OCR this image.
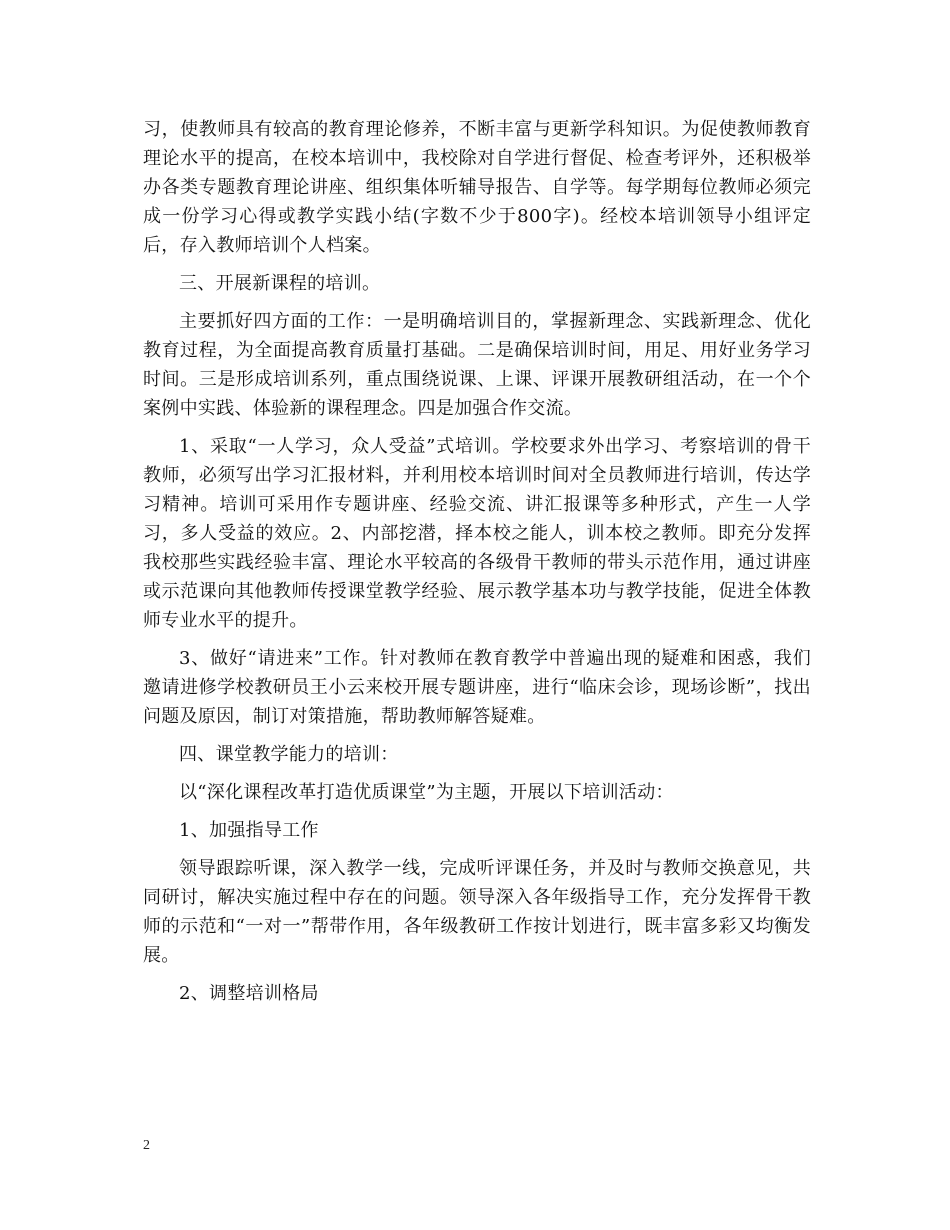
习，使教师具有较高的教育理论修养，不断丰富与更新学科知识。为促使教师教育理论水平的提高，在校本培训中，我校除对自学进行督促、检查考评外，还积极举办各类专题教育理论讲座、组织集体听辅导报告、自学等。每学期每位教师必须完成一份学习心得或教学实践小结(字数不少于800字)。经校本培训领导小组评定后，存入教师培训个人档案。

三、开展新课程的培训。

主要抓好四方面的工作：一是明确培训目的，掌握新理念、实践新理念、优化教育过程，为全面提高教育质量打基础。二是确保培训时间，用足、用好业务学习时间。三是形成培训系列，重点围绕说课、上课、评课开展教研组活动，在一个个案例中实践、体验新的课程理念。四是加强合作交流。

1、采取“一人学习，众人受益”式培训。学校要求外出学习、考察培训的骨干教师，必须写出学习汇报材料，并利用校本培训时间对全员教师进行培训，传达学习精神。培训可采用作专题讲座、经验交流、讲汇报课等多种形式，产生一人学习，多人受益的效应。2、内部挖潜，择本校之能人，训本校之教师。即充分发挥我校那些实践经验丰富、理论水平较高的各级骨干教师的带头示范作用，通过讲座或示范课向其他教师传授课堂教学经验、展示教学基本功与教学技能，促进全体教师专业水平的提升。

3、做好“请进来”工作。针对教师在教育教学中普遍出现的疑难和困惑，我们邀请进修学校教研员王小云来校开展专题讲座，进行“临床会诊，现场诊断”，找出问题及原因，制订对策措施，帮助教师解答疑难。

四、课堂教学能力的培训：

以“深化课程改革打造优质课堂”为主题，开展以下培训活动：

1、加强指导工作

领导跟踪听课，深入教学一线，完成听评课任务，并及时与教师交换意见，共同研讨，解决实施过程中存在的问题。领导深入各年级指导工作，充分发挥骨干教师的示范和“一对一”帮带作用，各年级教研工作按计划进行，既丰富多彩又均衡发展。

2、调整培训格局

2
